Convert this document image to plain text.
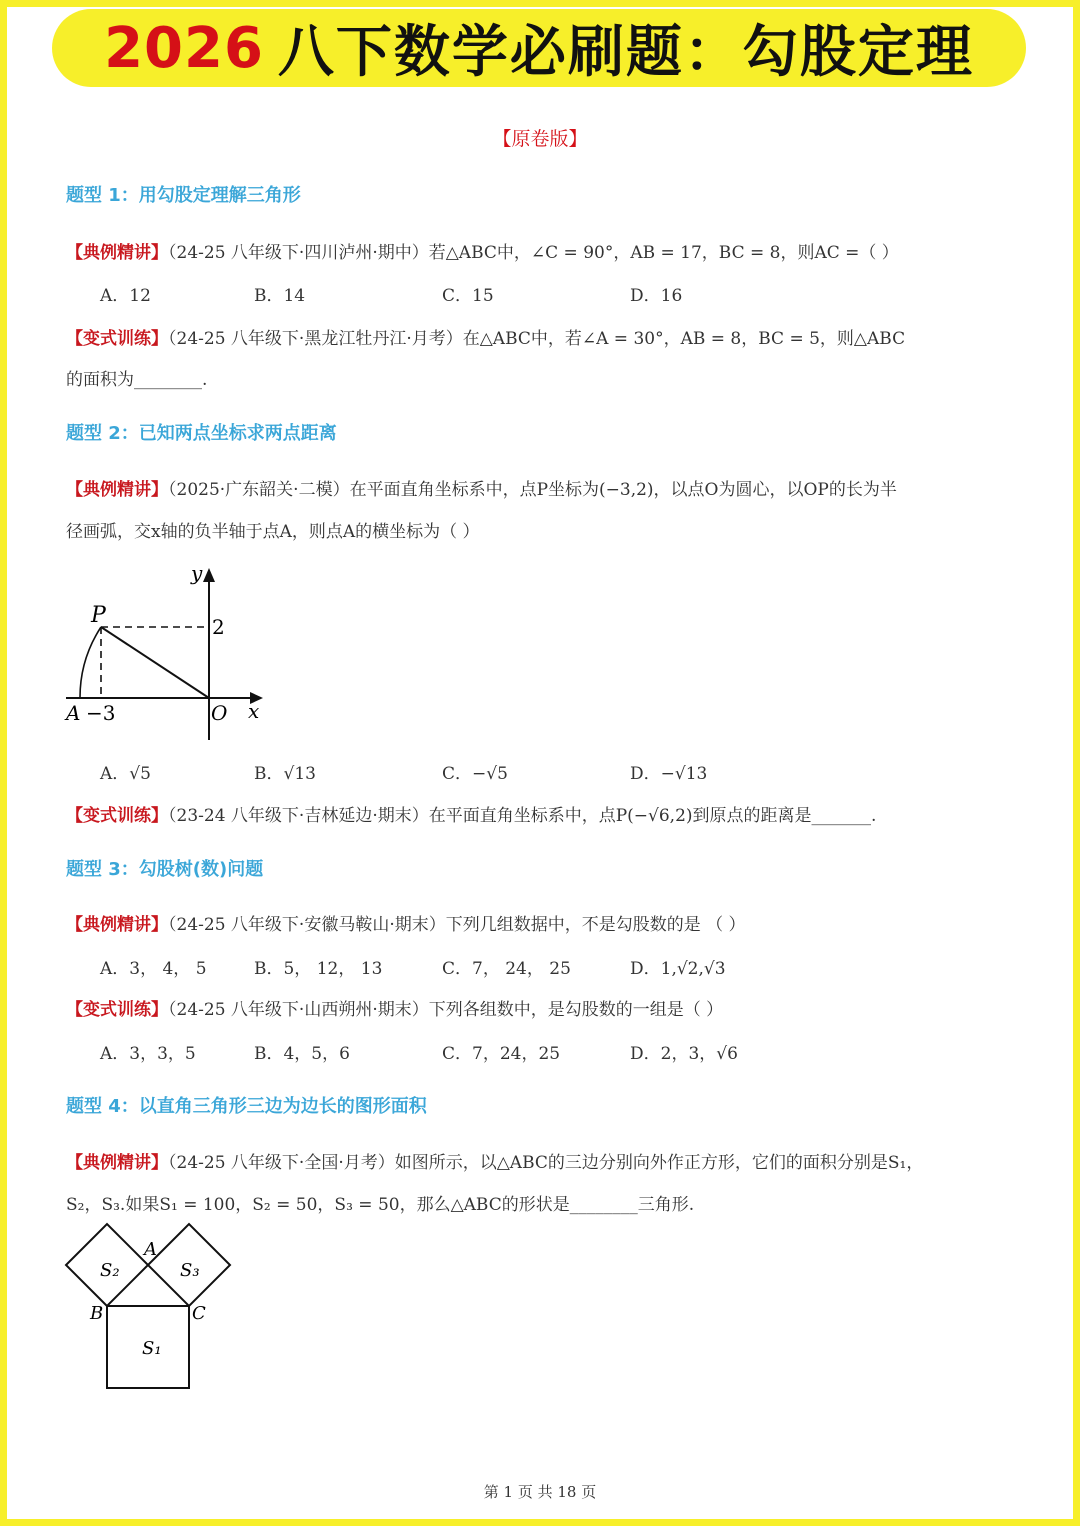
2026 八下数学必刷题：勾股定理
【原卷版】
题型 1：用勾股定理解三角形
【典例精讲】（24-25 八年级下·四川泸州·期中）若△ABC中，∠C = 90°，AB = 17，BC = 8，则AC =（ ）
A．12	B．14	C．15	D．16
【变式训练】（24-25 八年级下·黑龙江牡丹江·月考）在△ABC中，若∠A = 30°，AB = 8，BC = 5，则△ABC
的面积为________.
题型 2：已知两点坐标求两点距离
【典例精讲】（2025·广东韶关·二模）在平面直角坐标系中，点P坐标为(−3,2)，以点O为圆心，以OP的长为半
径画弧，交x轴的负半轴于点A，则点A的横坐标为（ ）
y
x
P	2
A −3	O
A．√5	B．√13	C．−√5	D．−√13
【变式训练】（23-24 八年级下·吉林延边·期末）在平面直角坐标系中，点P(−√6,2)到原点的距离是_______.
题型 3：勾股树(数)问题
【典例精讲】（24-25 八年级下·安徽马鞍山·期末）下列几组数据中，不是勾股数的是 （ ）
A．3， 4， 5	B．5， 12， 13	C．7， 24， 25	D．1,√2,√3
【变式训练】（24-25 八年级下·山西朔州·期末）下列各组数中，是勾股数的一组是（ ）
A．3，3，5	B．4，5，6	C．7，24，25	D．2，3，√6
题型 4：以直角三角形三边为边长的图形面积
【典例精讲】（24-25 八年级下·全国·月考）如图所示，以△ABC的三边分别向外作正方形，它们的面积分别是S₁，
S₂，S₃.如果S₁ = 100，S₂ = 50，S₃ = 50，那么△ABC的形状是________三角形.
A
B	C
S₂	S₃
S₁
第 1 页 共 18 页
